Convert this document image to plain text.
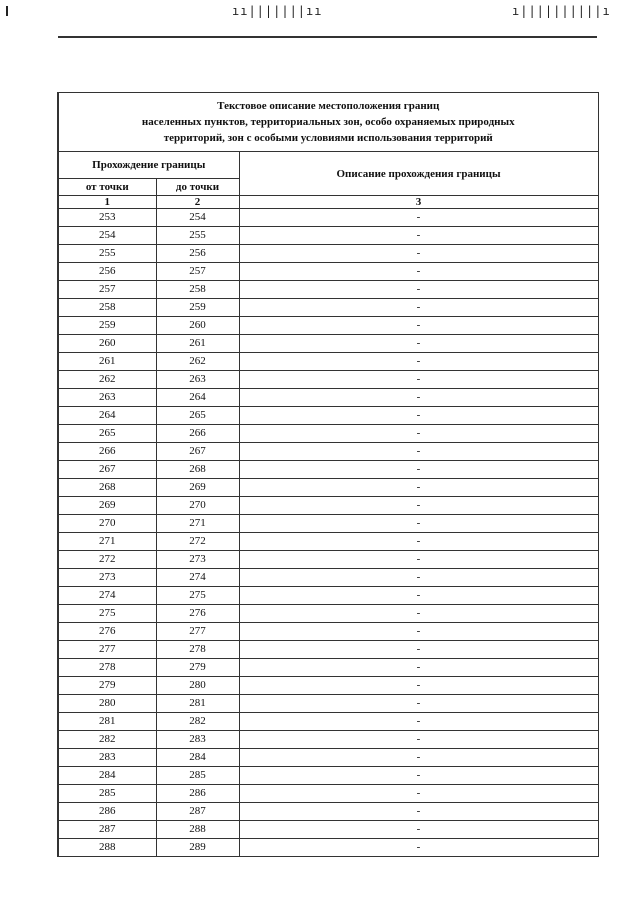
ıı|||||||ıı	ı||||||||||ı
Текстовое описание местоположения границ
населенных пунктов, территориальных зон, особо охраняемых природных
территорий, зон с особыми условиями использования территорий		

Прохождение границы		Описание прохождения границы
от точки	до точки	
1	2	3
253	254	-
254	255	-
255	256	-
256	257	-
257	258	-
258	259	-
259	260	-
260	261	-
261	262	-
262	263	-
263	264	-
264	265	-
265	266	-
266	267	-
267	268	-
268	269	-
269	270	-
270	271	-
271	272	-
272	273	-
273	274	-
274	275	-
275	276	-
276	277	-
277	278	-
278	279	-
279	280	-
280	281	-
281	282	-
282	283	-
283	284	-
284	285	-
285	286	-
286	287	-
287	288	-
288	289	-
